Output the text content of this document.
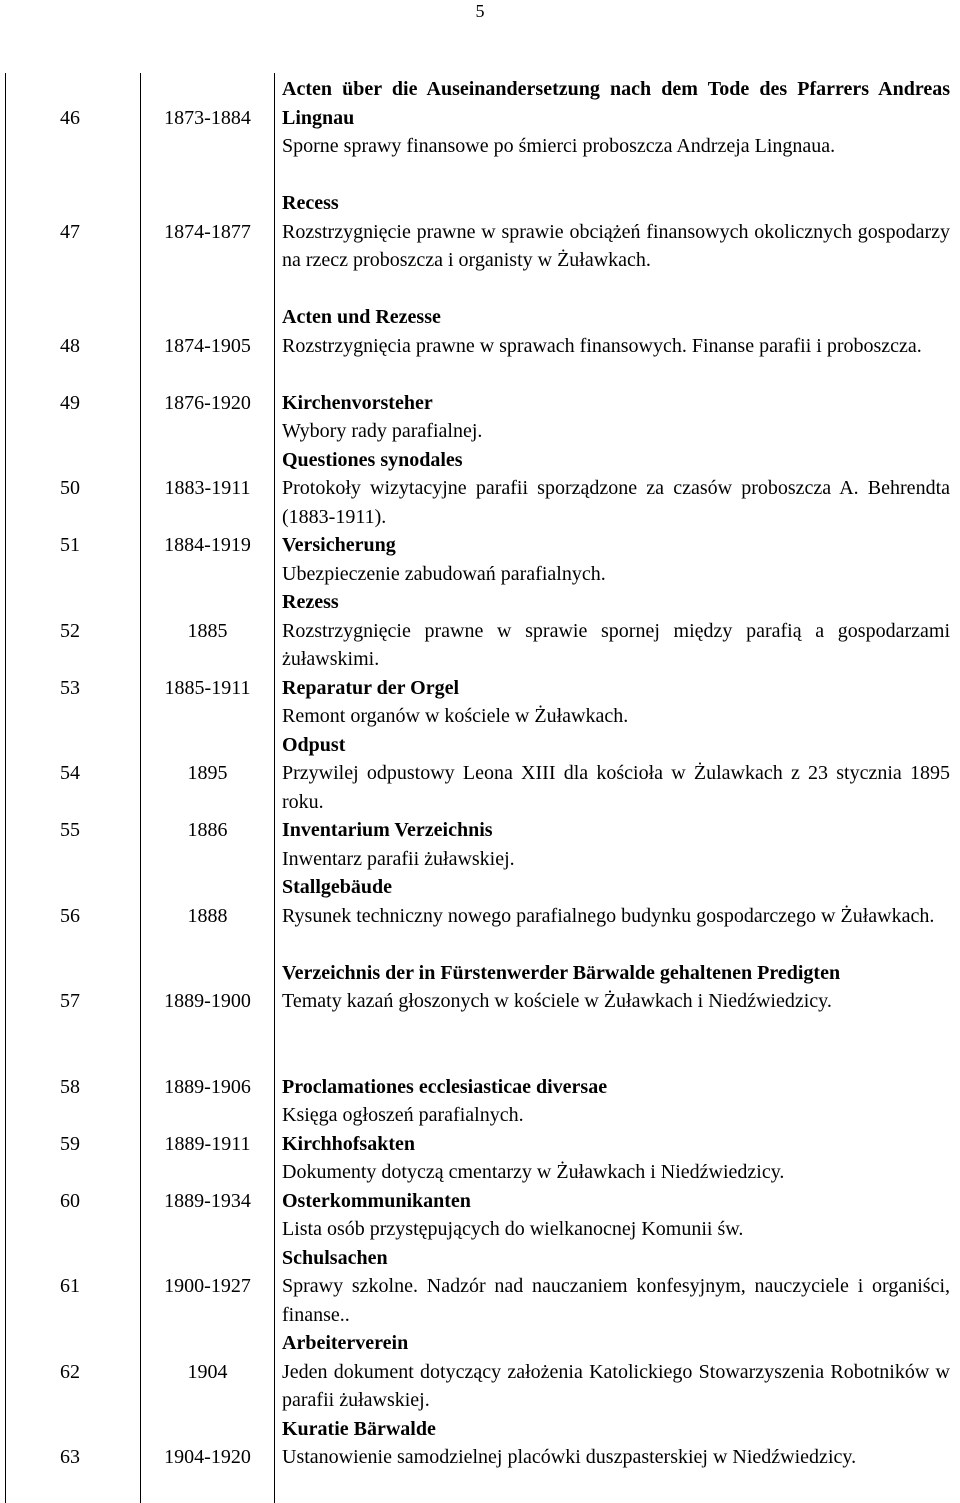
5
46	1873-1884
Acten über die Auseinandersetzung nach dem Tode des Pfarrers Andreas Lingnau
Sporne sprawy finansowe po śmierci proboszcza Andrzeja Lingnaua.
47	1874-1877
Recess
Rozstrzygnięcie prawne w sprawie obciążeń finansowych okolicznych gospodarzy na rzecz proboszcza i organisty w Żuławkach.
48	1874-1905
Acten und Rezesse
Rozstrzygnięcia prawne w sprawach finansowych. Finanse parafii i proboszcza.
49	1876-1920	Kirchenvorsteher
Wybory rady parafialnej.
50	1883-1911
Questiones synodales
Protokoły wizytacyjne parafii sporządzone za czasów proboszcza A. Behrendta (1883-1911).
51	1884-1919	Versicherung
Ubezpieczenie zabudowań parafialnych.
52	1885
Rezess
Rozstrzygnięcie prawne w sprawie spornej między parafią a gospodarzami żuławskimi.
53	1885-1911	Reparatur der Orgel
Remont organów w kościele w Żuławkach.
54	1895
Odpust
Przywilej odpustowy Leona XIII dla kościoła w Żulawkach z 23 stycznia 1895 roku.
55	1886	Inventarium Verzeichnis
Inwentarz parafii żuławskiej.
56	1888
Stallgebäude
Rysunek techniczny nowego parafialnego budynku gospodarczego w Żuławkach.
57	1889-1900
Verzeichnis der in Fürstenwerder Bärwalde gehaltenen Predigten
Tematy kazań głoszonych w kościele w Żuławkach i Niedźwiedzicy.
58	1889-1906	Proclamationes ecclesiasticae diversae
Księga ogłoszeń parafialnych.
59	1889-1911	Kirchhofsakten
Dokumenty dotyczą cmentarzy w Żuławkach i Niedźwiedzicy.
60	1889-1934	Osterkommunikanten
Lista osób przystępujących do wielkanocnej Komunii św.
61	1900-1927
Schulsachen
Sprawy szkolne. Nadzór nad nauczaniem konfesyjnym, nauczyciele i organiści, finanse..
62	1904
Arbeiterverein
Jeden dokument dotyczący założenia Katolickiego Stowarzyszenia Robotników w parafii żuławskiej.
63	1904-1920
Kuratie Bärwalde
Ustanowienie samodzielnej placówki duszpasterskiej w Niedźwiedzicy.
